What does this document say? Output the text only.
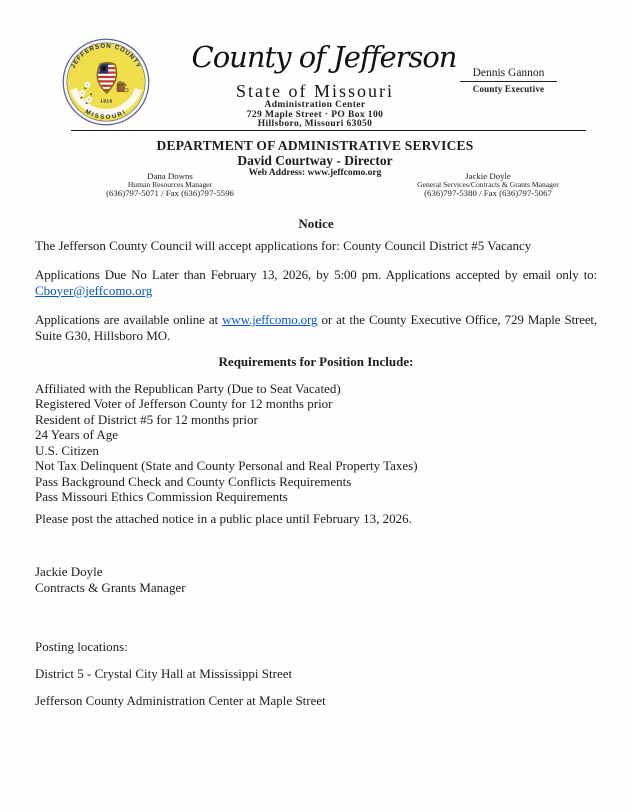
1818
JEFFERSON COUNTY
MISSOURI
County of Jefferson
State of Missouri
Administration Center
729 Maple Street · PO Box 100
Hillsboro, Missouri 63050
Dennis Gannon
County Executive
DEPARTMENT OF ADMINISTRATIVE SERVICES
David Courtway - Director
Web Address: www.jeffcomo.org
Dana Downs
Human Resources Manager
(636)797-5071 / Fax (636)797-5596
Jackie Doyle
General Services/Contracts & Grants Manager
(636)797-5380 / Fax (636)797-5067
Notice
The Jefferson County Council will accept applications for: County Council District #5 Vacancy
Applications Due No Later than February 13, 2026, by 5:00 pm. Applications accepted by email only to:
Cboyer@jeffcomo.org
Applications are available online at www.jeffcomo.org or at the County Executive Office, 729 Maple Street,
Suite G30, Hillsboro MO.
Requirements for Position Include:
Affiliated with the Republican Party (Due to Seat Vacated)
Registered Voter of Jefferson County for 12 months prior
Resident of District #5 for 12 months prior
24 Years of Age
U.S. Citizen
Not Tax Delinquent (State and County Personal and Real Property Taxes)
Pass Background Check and County Conflicts Requirements
Pass Missouri Ethics Commission Requirements
Please post the attached notice in a public place until February 13, 2026.
Jackie Doyle
Contracts & Grants Manager
Posting locations:
District 5 - Crystal City Hall at Mississippi Street
Jefferson County Administration Center at Maple Street
